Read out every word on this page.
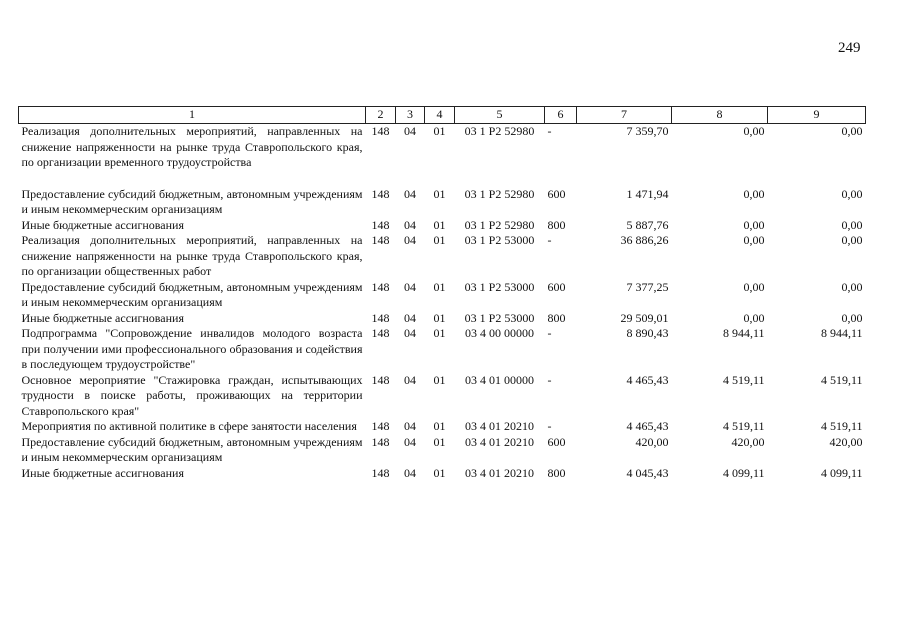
249
1	2	3	4	5	6	7	8	9
Реализация дополнительных мероприятий, направленных на снижение напряженности на рынке труда Ставропольского края, по организации временного трудоустройства	148	04	01	03 1 P2 52980	-	7 359,70	0,00	0,00

Предоставление субсидий бюджетным, автономным учреждениям и иным некоммерческим организациям	148	04	01	03 1 P2 52980	600	1 471,94	0,00	0,00
Иные бюджетные ассигнования	148	04	01	03 1 P2 52980	800	5 887,76	0,00	0,00
Реализация дополнительных мероприятий, направленных на снижение напряженности на рынке труда Ставропольского края, по организации общественных работ	148	04	01	03 1 P2 53000	-	36 886,26	0,00	0,00
Предоставление субсидий бюджетным, автономным учреждениям и иным некоммерческим организациям	148	04	01	03 1 P2 53000	600	7 377,25	0,00	0,00
Иные бюджетные ассигнования	148	04	01	03 1 P2 53000	800	29 509,01	0,00	0,00
Подпрограмма "Сопровождение инвалидов молодого возраста при получении ими профессионального образования и содействия в последующем трудоустройстве"	148	04	01	03 4 00 00000	-	8 890,43	8 944,11	8 944,11
Основное мероприятие "Стажировка граждан, испытывающих трудности в поиске работы, проживающих на территории Ставропольского края"	148	04	01	03 4 01 00000	-	4 465,43	4 519,11	4 519,11
Мероприятия по активной политике в сфере занятости населения	148	04	01	03 4 01 20210	-	4 465,43	4 519,11	4 519,11
Предоставление субсидий бюджетным, автономным учреждениям и иным некоммерческим организациям	148	04	01	03 4 01 20210	600	420,00	420,00	420,00
Иные бюджетные ассигнования	148	04	01	03 4 01 20210	800	4 045,43	4 099,11	4 099,11
